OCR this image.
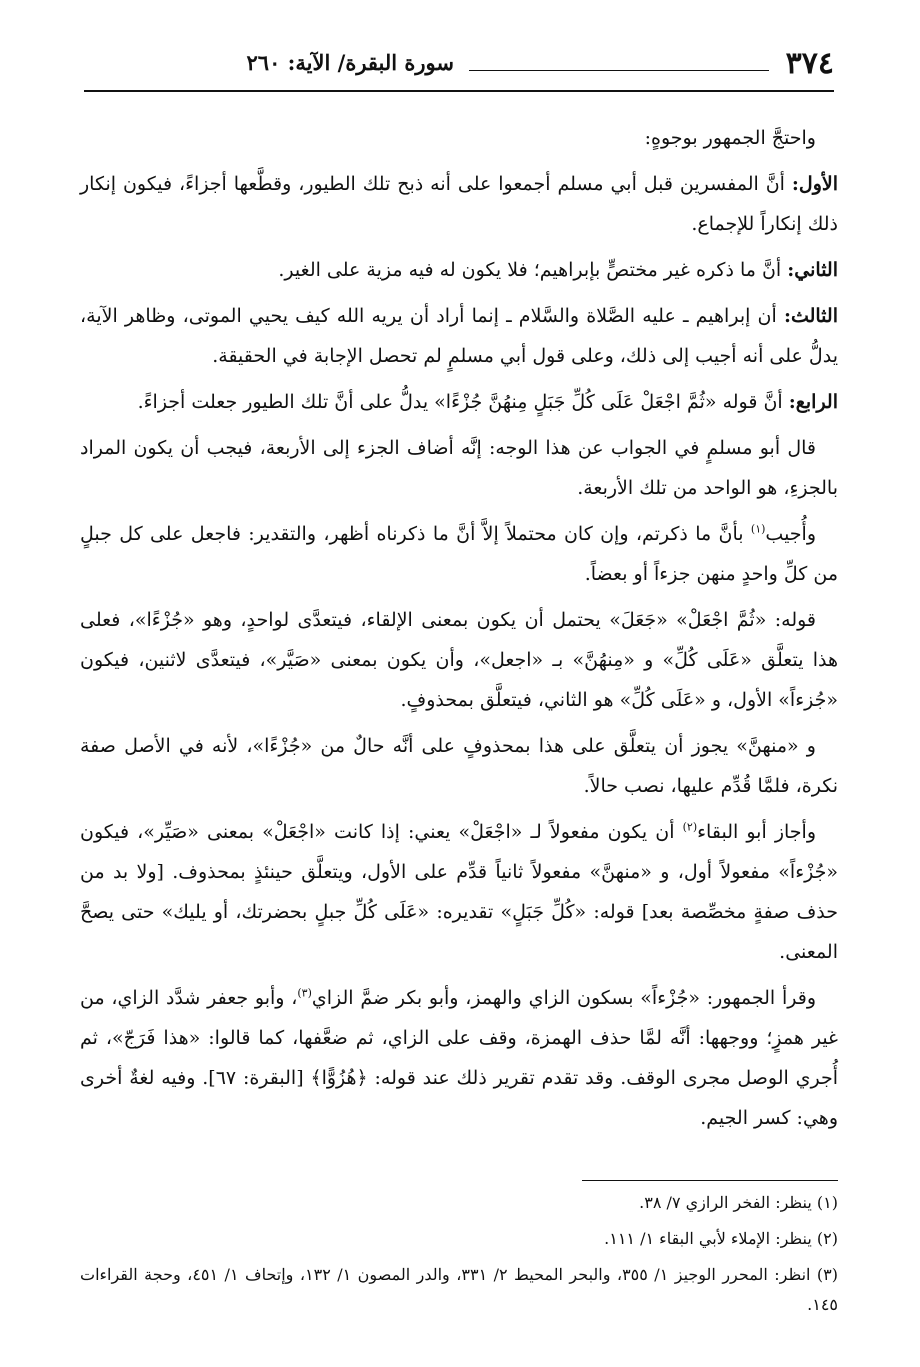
٣٧٤
سورة البقرة/ الآية: ٢٦٠

واحتجَّ الجمهور بوجوهٍ:

الأول: أنَّ المفسرين قبل أبي مسلم أجمعوا على أنه ذبح تلك الطيور، وقطَّعها أجزاءً، فيكون إنكار ذلك إنكاراً للإجماع.

الثاني: أنَّ ما ذكره غير مختصٍّ بإبراهيم؛ فلا يكون له فيه مزية على الغير.

الثالث: أن إبراهيم ـ عليه الصَّلاة والسَّلام ـ إنما أراد أن يريه الله كيف يحيي الموتى، وظاهر الآية، يدلُّ على أنه أجيب إلى ذلك، وعلى قول أبي مسلمٍ لم تحصل الإجابة في الحقيقة.

الرابع: أنَّ قوله «ثُمَّ اجْعَلْ عَلَى كُلِّ جَبَلٍ مِنهُنَّ جُزْءًا» يدلُّ على أنَّ تلك الطيور جعلت أجزاءً.

قال أبو مسلمٍ في الجواب عن هذا الوجه: إنَّه أضاف الجزء إلى الأربعة، فيجب أن يكون المراد بالجزءِ، هو الواحد من تلك الأربعة.

وأُجيب$^{(١)}$ بأنَّ ما ذكرتم، وإن كان محتملاً إلاَّ أنَّ ما ذكرناه أظهر، والتقدير: فاجعل على كل جبلٍ من كلِّ واحدٍ منهن جزءاً أو بعضاً.

قوله: «ثُمَّ اجْعَلْ» «جَعَلَ» يحتمل أن يكون بمعنى الإلقاء، فيتعدَّى لواحدٍ، وهو «جُزْءًا»، فعلى هذا يتعلَّق «عَلَى كُلِّ» و «مِنهُنَّ» بـ «اجعل»، وأن يكون بمعنى «صَيَّر»، فيتعدَّى لاثنين، فيكون «جُزءاً» الأول، و «عَلَى كُلِّ» هو الثاني، فيتعلَّق بمحذوفٍ.

و «منهنَّ» يجوز أن يتعلَّق على هذا بمحذوفٍ على أنَّه حالٌ من «جُزْءًا»، لأنه في الأصل صفة نكرة، فلمَّا قُدِّم عليها، نصب حالاً.

وأجاز أبو البقاء$^{(٢)}$ أن يكون مفعولاً لـ «اجْعَلْ» يعني: إذا كانت «اجْعَلْ» بمعنى «صَيِّر»، فيكون «جُزْءاً» مفعولاً أول، و «منهنَّ» مفعولاً ثانياً قدِّم على الأول، ويتعلَّق حينئذٍ بمحذوف. [ولا بد من حذف صفةٍ مخصِّصة بعد] قوله: «كُلِّ جَبَلٍ» تقديره: «عَلَى كُلِّ جبلٍ بحضرتك، أو يليك» حتى يصحَّ المعنى.

وقرأ الجمهور: «جُزْءاً» بسكون الزاي والهمز، وأبو بكر ضمَّ الزاي$^{(٣)}$، وأبو جعفر شدَّد الزاي، من غير همزٍ؛ ووجهها: أنَّه لمَّا حذف الهمزة، وقف على الزاي، ثم ضعَّفها، كما قالوا: «هذا فَرَجّ»، ثم أُجري الوصل مجرى الوقف. وقد تقدم تقرير ذلك عند قوله: ﴿هُزُوًّا﴾ [البقرة: ٦٧]. وفيه لغةٌ أخرى وهي: كسر الجيم.

(١) ينظر: الفخر الرازي ٧/ ٣٨.

(٢) ينظر: الإملاء لأبي البقاء ١/ ١١١.

(٣) انظر: المحرر الوجيز ١/ ٣٥٥، والبحر المحيط ٢/ ٣٣١، والدر المصون ١/ ١٣٢، وإتحاف ١/ ٤٥١، وحجة القراءات ١٤٥.
